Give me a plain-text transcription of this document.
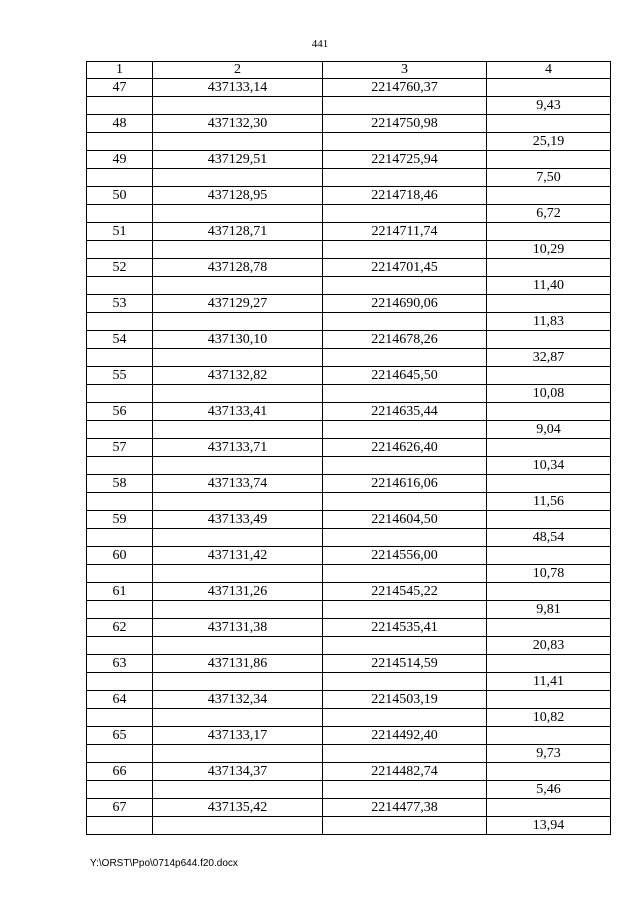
441
1	2	3	4
47	437133,14	2214760,37	
			9,43
48	437132,30	2214750,98	
			25,19
49	437129,51	2214725,94	
			7,50
50	437128,95	2214718,46	
			6,72
51	437128,71	2214711,74	
			10,29
52	437128,78	2214701,45	
			11,40
53	437129,27	2214690,06	
			11,83
54	437130,10	2214678,26	
			32,87
55	437132,82	2214645,50	
			10,08
56	437133,41	2214635,44	
			9,04
57	437133,71	2214626,40	
			10,34
58	437133,74	2214616,06	
			11,56
59	437133,49	2214604,50	
			48,54
60	437131,42	2214556,00	
			10,78
61	437131,26	2214545,22	
			9,81
62	437131,38	2214535,41	
			20,83
63	437131,86	2214514,59	
			11,41
64	437132,34	2214503,19	
			10,82
65	437133,17	2214492,40	
			9,73
66	437134,37	2214482,74	
			5,46
67	437135,42	2214477,38	
			13,94
Y:\ORST\Ppo\0714p644.f20.docx
